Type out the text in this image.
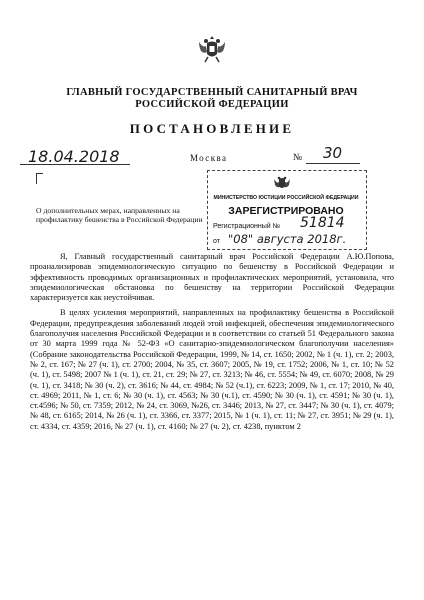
ГЛАВНЫЙ ГОСУДАРСТВЕННЫЙ САНИТАРНЫЙ ВРАЧ
РОССИЙСКОЙ ФЕДЕРАЦИИ
ПОСТАНОВЛЕНИЕ
18.04.2018	Москва	№ 30
О дополнительных мерах, направленных на профилактику бешенства в Российской Федерации
МИНИСТЕРСТВО ЮСТИЦИИ РОССИЙСКОЙ ФЕДЕРАЦИИ
ЗАРЕГИСТРИРОВАНО
Регистрационный № 51814
от "08" августа 2018г.

Я, Главный государственный санитарный врач Российской Федерации А.Ю.Попова, проанализировав эпидемиологическую ситуацию по бешенству в Российской Федерации и эффективность проводимых организационных и профилактических мероприятий, установила, что эпидемиологическая обстановка по бешенству на территории Российской Федерации характеризуется как неустойчивая.

В целях усиления мероприятий, направленных на профилактику бешенства в Российской Федерации, предупреждения заболеваний людей этой инфекцией, обеспечения эпидемиологического благополучия населения Российской Федерации и в соответствии со статьей 51 Федерального закона от 30 марта 1999 года № 52-ФЗ «О санитарно-эпидемиологическом благополучии населения» (Собрание законодательства Российской Федерации, 1999, № 14, ст. 1650; 2002, № 1 (ч. 1), ст. 2; 2003, № 2, ст. 167; № 27 (ч. 1), ст. 2700; 2004, № 35, ст. 3607; 2005, № 19, ст. 1752; 2006, № 1, ст. 10; № 52 (ч. 1), ст. 5498; 2007 № 1 (ч. 1), ст. 21, ст. 29; № 27, ст. 3213; № 46, ст. 5554; № 49, ст. 6070; 2008, № 29 (ч. 1), ст. 3418; № 30 (ч. 2), ст. 3616; № 44, ст. 4984; № 52 (ч.1), ст. 6223; 2009, № 1, ст. 17; 2010, № 40, ст. 4969; 2011, № 1, ст. 6; № 30 (ч. 1), ст. 4563; № 30 (ч.1), ст. 4590; № 30 (ч. 1), ст. 4591; № 30 (ч. 1), ст.4596; № 50, ст. 7359; 2012, № 24, ст. 3069, №26, ст. 3446; 2013, № 27, ст. 3447; № 30 (ч. 1), ст. 4079; № 48, ст. 6165; 2014, № 26 (ч. 1), ст. 3366, ст. 3377; 2015, № 1 (ч. 1), ст. 11; № 27, ст. 3951; № 29 (ч. 1), ст. 4334, ст. 4359; 2016, № 27 (ч. 1), ст. 4160; № 27 (ч. 2), ст. 4238, пунктом 2
